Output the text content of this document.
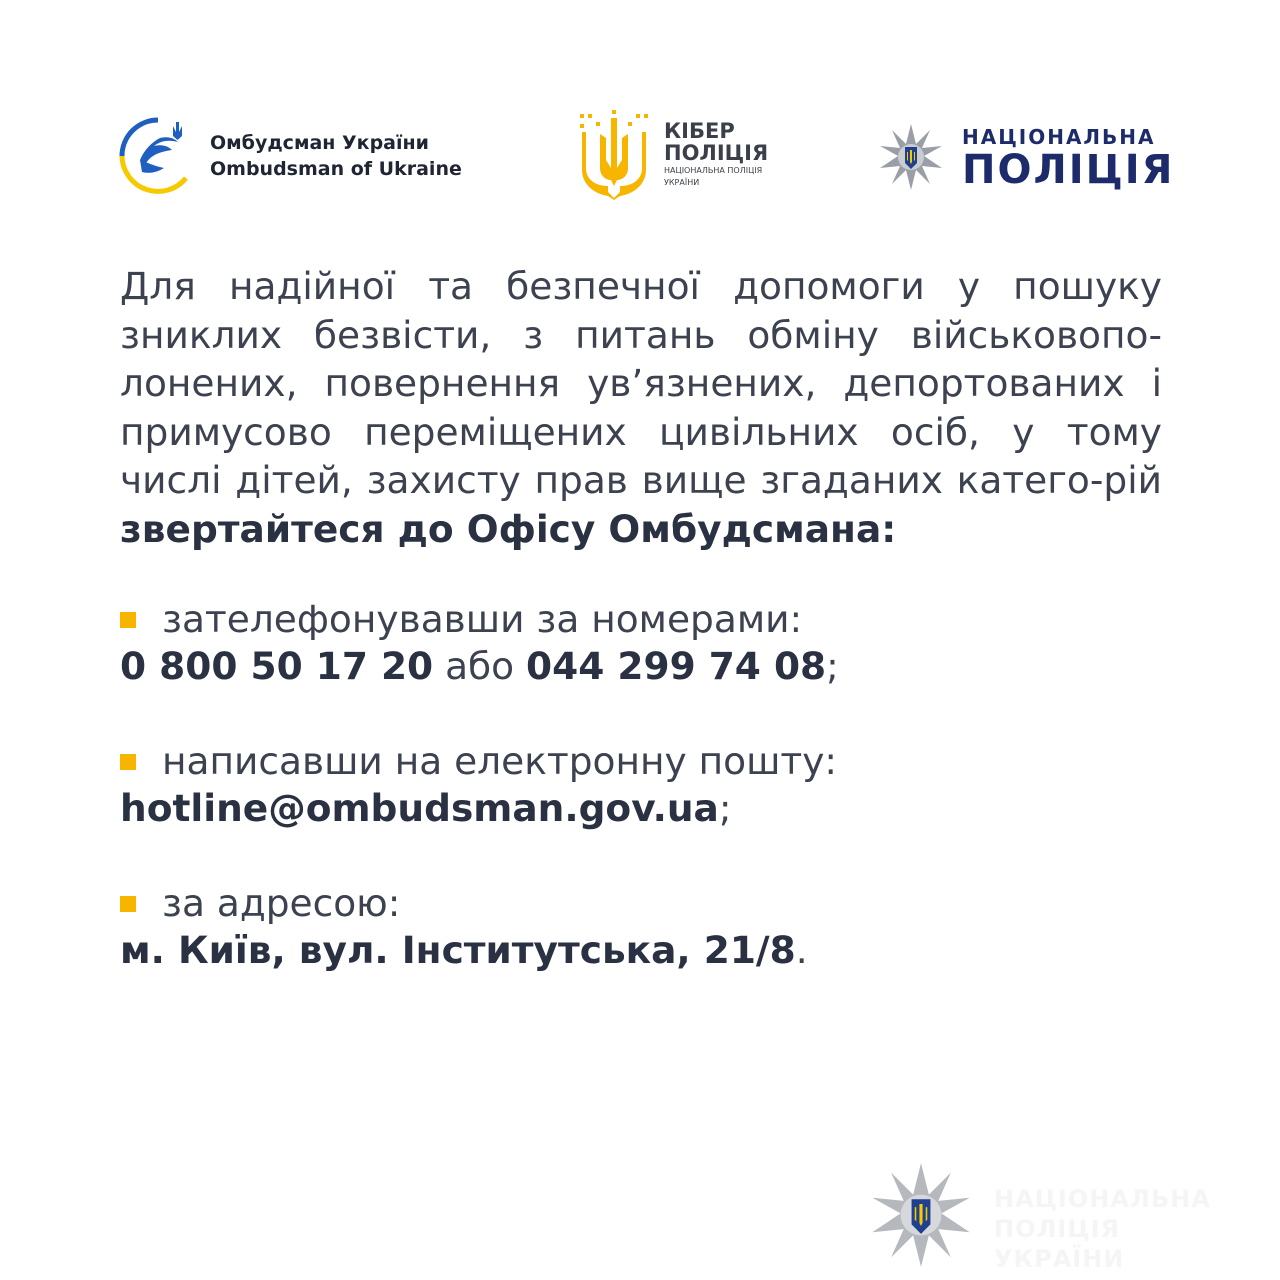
Омбудсман України
Ombudsman of Ukraine
КІБЕР
ПОЛІЦІЯ
НАЦІОНАЛЬНА ПОЛІЦІЯ
УКРАЇНИ
НАЦІОНАЛЬНА
ПОЛІЦІЯ

Для надійної та безпечної допомоги у пошуку зниклих безвісти, з питань обміну військовопо-лонених, повернення ув’язнених, депортованих і примусово переміщених цивільних осіб, у тому числі дітей, захисту прав вище згаданих катего-рій звертайтеся до Офісу Омбудсмана:

зателефонувавши за номерами:
0 800 50 17 20 або 044 299 74 08;
написавши на електронну пошту:
hotline@ombudsman.gov.ua;
за адресою:
м. Київ, вул. Інститутська, 21/8.
НАЦІОНАЛЬНА
ПОЛІЦІЯ УКРАЇНИ
